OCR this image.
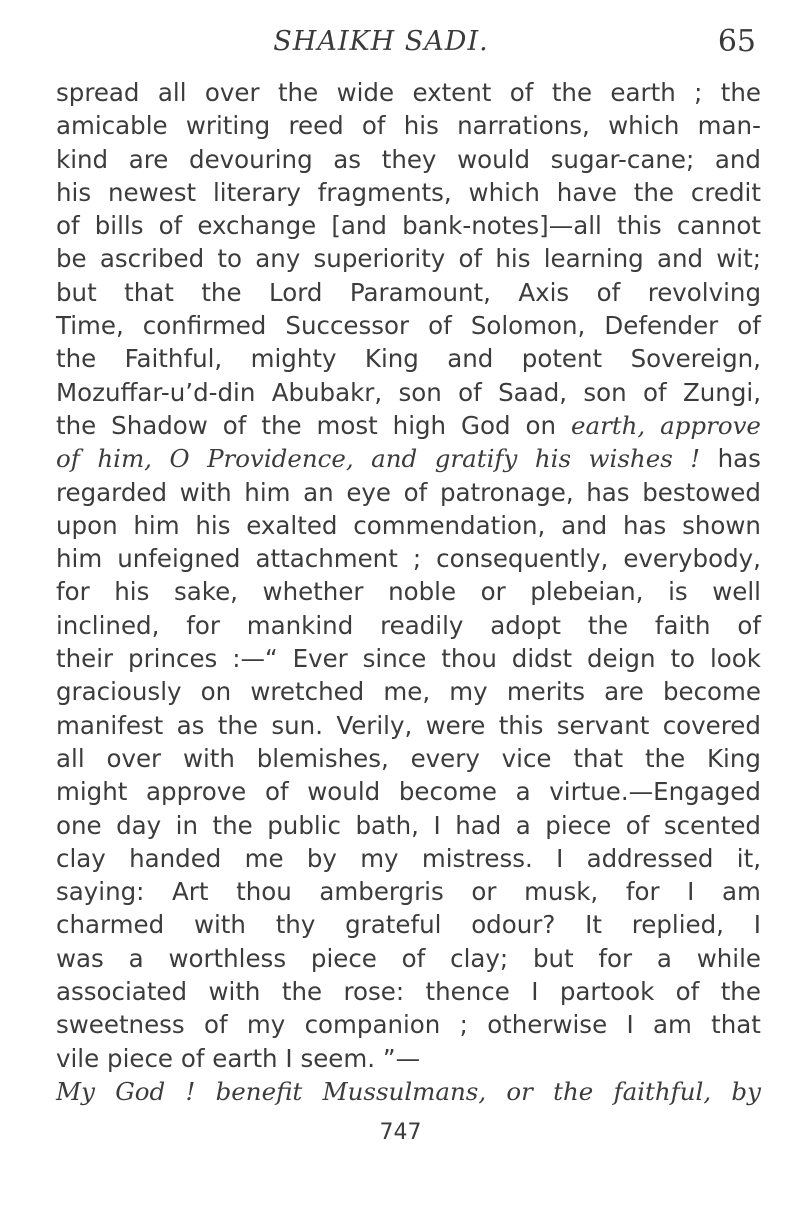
SHAIKH SADI.	65
spread all over the wide extent of the earth ; the
amicable writing reed of his narrations, which man-
kind are devouring as they would sugar-cane; and
his newest literary fragments, which have the credit
of bills of exchange [and bank-notes]—all this cannot
be ascribed to any superiority of his learning and wit;
but that the Lord Paramount, Axis of revolving
Time, confirmed Successor of Solomon, Defender of
the Faithful, mighty King and potent Sovereign,
Mozuffar-u’d-din Abubakr, son of Saad, son of Zungi,
the Shadow of the most high God on earth, approve
of him, O Providence, and gratify his wishes ! has
regarded with him an eye of patronage, has bestowed
upon him his exalted commendation, and has shown
him unfeigned attachment ; consequently, everybody,
for his sake, whether noble or plebeian, is well
inclined, for mankind readily adopt the faith of
their princes :—“ Ever since thou didst deign to look
graciously on wretched me, my merits are become
manifest as the sun. Verily, were this servant covered
all over with blemishes, every vice that the King
might approve of would become a virtue.—Engaged
one day in the public bath, I had a piece of scented
clay handed me by my mistress. I addressed it,
saying: Art thou ambergris or musk, for I am
charmed with thy grateful odour? It replied, I
was a worthless piece of clay; but for a while
associated with the rose: thence I partook of the
sweetness of my companion ; otherwise I am that
vile piece of earth I seem. ”—
My God ! benefit Mussulmans, or the faithful, by
747
